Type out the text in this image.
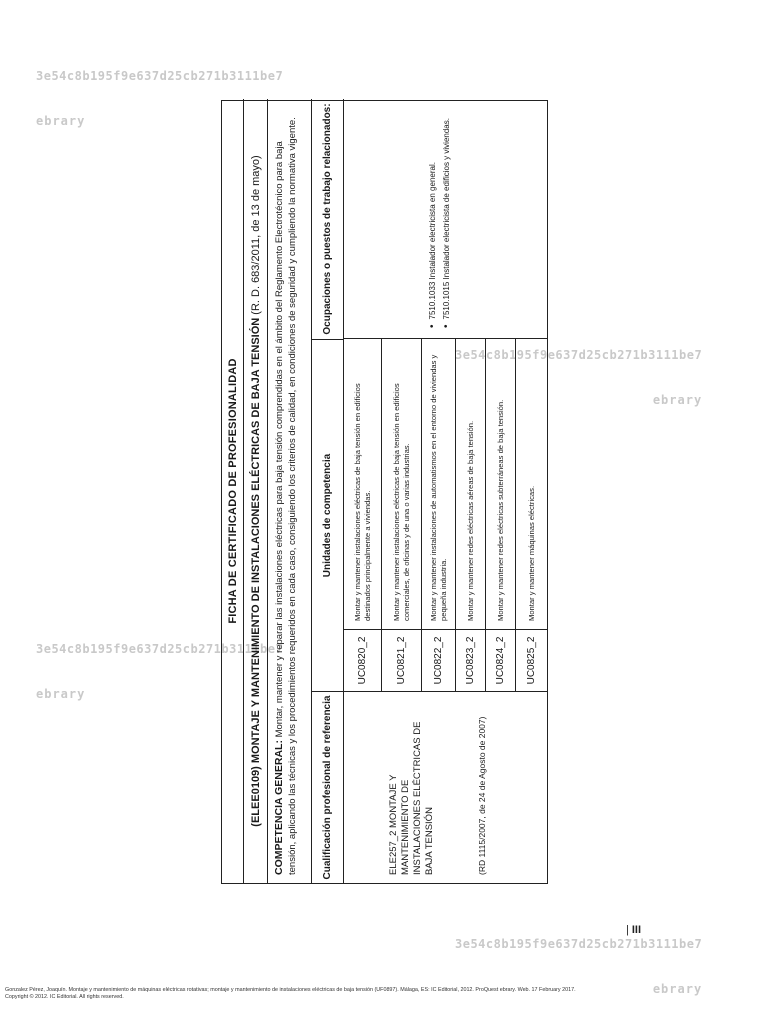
3e54c8b195f9e637d25cb271b3111be7

ebrary

3e54c8b195f9e637d25cb271b3111be7

ebrary

3e54c8b195f9e637d25cb271b3111be7

ebrary

3e54c8b195f9e637d25cb271b3111be7

ebrary

FICHA DE CERTIFICADO DE PROFESIONALIDAD	(ELEE0109) MONTAJE Y MANTENIMIENTO DE INSTALACIONES ELÉCTRICAS DE BAJA TENSIÓN (R. D. 683/2011, de 13 de mayo)
COMPETENCIA GENERAL: Montar, mantener y reparar las instalaciones eléctricas para baja tensión comprendidas en el ámbito del Reglamento Electrotécnico para baja tensión, aplicando las técnicas y los procedimientos requeridos en cada caso, consiguiendo los criterios de calidad, en condiciones de seguridad y cumpliendo la normativa vigente.	Cualificación profesional de referencia
Unidades de competencia
Ocupaciones o puestos de trabajo relacionados:
ELE257_2 MONTAJE Y MANTENIMIENTO DE INSTALACIONES ELÉCTRICAS DE BAJA TENSIÓN	(RD 1115/2007, de 24 de Agosto de 2007)
UC0820_2
Montar y mantener instalaciones eléctricas de baja tensión en edificios destinados principalmente a viviendas.
UC0821_2
Montar y mantener instalaciones eléctricas de baja tensión en edificios comerciales, de oficinas y de una o varias industrias.
UC0822_2
Montar y mantener instalaciones de automatismos en el entorno de viviendas y pequeña industria.
UC0823_2
Montar y mantener redes eléctricas aéreas de baja tensión.
UC0824_2
Montar y mantener redes eléctricas subterráneas de baja tensión.
UC0825_2
Montar y mantener máquinas eléctricas.
• 7510.1033 Instalador electricista en general.
• 7510.1015 Instalador electricista de edificios y viviendas.
| III
Gonzalez Pérez, Joaquín. Montaje y mantenimiento de máquinas eléctricas rotativas; montaje y mantenimiento de instalaciones eléctricas de baja tensión (UF0897). Málaga, ES: IC Editorial, 2012. ProQuest ebrary. Web. 17 February 2017.
Copyright © 2012. IC Editorial. All rights reserved.
